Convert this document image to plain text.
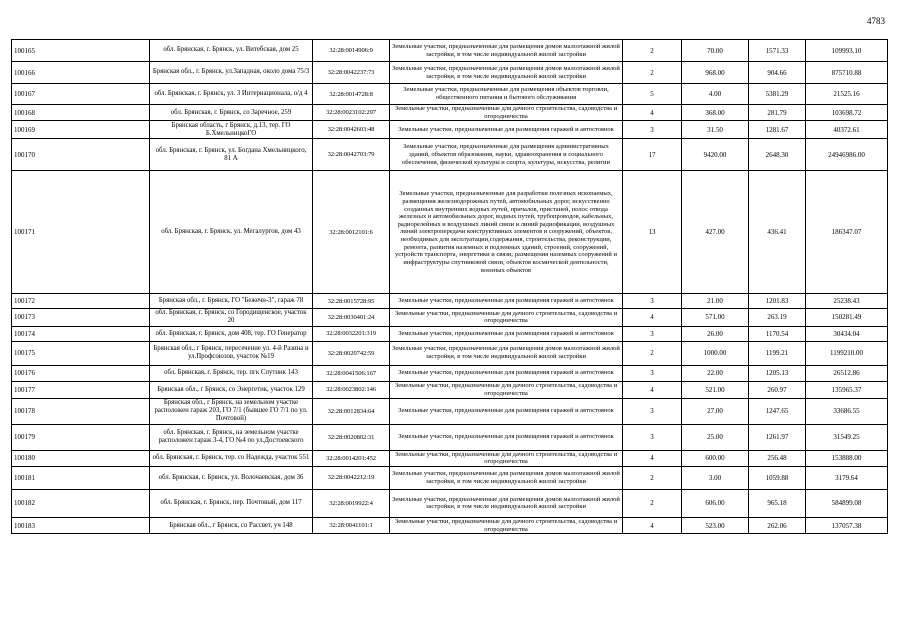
4783
100165	обл. Брянская, г. Брянск, ул. Витебская, дом 25	32:28:0014906:9	Земельные участки, предназначенные для размещения домов малоэтажной жилой застройки, в том числе индивидуальной жилой застройки	2	70.00	1571.33	109993.10
100166	Брянская обл., г. Брянск, ул.Западная, около дома 75/3	32:28:0042237:73	Земельные участки, предназначенные для размещения домов малоэтажной жилой застройки, в том числе индивидуальной жилой застройки	2	968.00	904.66	875710.88
100167	обл. Брянская, г. Брянск, ул. 3 Интернационала, о/д 4	32:28:0014728:8	Земельные участки, предназначенные для размещения объектов торговли, общественного питания и бытового обслуживания	5	4.00	5381.29	21525.16
100168	обл. Брянская, г. Брянск, со Заречное, 259	32:28:0023102:297	Земельные участки, предназначенные для дачного строительства, садоводства и огородничества	4	368.00	281.79	103698.72
100169	Брянская область, г Брянск, д.13, тер. ГО Б.ХмельницкоГО	32:28:0042603:48	Земельные участки, предназначенные для размещения гаражей и автостоянок	3	31.50	1281.67	40372.61
100170	обл. Брянская, г. Брянск, ул. Богдана Хмельницкого, 81 А	32:28:0042703:79	Земельные участки, предназначенные для размещения административных зданий, объектов образования, науки, здравоохранения и социального обеспечения, физической культуры и спорта, культуры, искусства, религии	17	9420.00	2648.30	24946986.00
100171	обл. Брянская, г. Брянск, ул. Мегалургов, дом 43	32:28:0012101:6	Земельные участки, предназначенные для разработки полезных ископаемых, размещения железнодорожных путей, автомобильных дорог, искусственно созданных внутренних водных путей, причалов, пристаней, полос отвода железных и автомобильных дорог, водных путей, трубопроводов, кабельных, радиорелейных и воздушных линий связи и линий радиофикации, воздушных линий электропередачи конструктивных элементов и сооружений, объектов, необходимых для эксплуатации,содержания, строительства, реконструкции, ремонта, развития наземных и подземных зданий, строений, сооружений, устройств транспорта, энергетики и связи; размещения наземных сооружений и инфраструктуры спутниковой связи, объектов космической деятельности, военных объектов	13	427.00	436.41	186347.07
100172	Брянская обл., г. Брянск, ГО "Бежечн-3", гараж 78	32:28:0015728:95	Земельные участки, предназначенные для размещения гаражей и автостоянок	3	21.00	1201.83	25238.43
100173	обл. Брянская, г. Брянск, со Городищенское, участок 20	32:28:0030401:24	Земельные участки, предназначенные для дачного строительства, садоводства и огородничества	4	571.00	263.19	150281.49
100174	обл. Брянская, г. Брянск, дом 408, тер. ГО Генератор	32:28:0032201:319	Земельные участки, предназначенные для размещения гаражей и автостоянок	3	26.00	1170.54	30434.04
100175	Брянская обл., г Брянск, пересечение ул. 4-й Разина и ул.Профсоюзов, участок №19	32:28:0020742:59	Земельные участки, предназначенные для размещения домов малоэтажной жилой застройки, в том числе индивидуальной жилой застройки	2	1000.00	1199.21	1199210.00
100176	обл. Брянская, г. Брянск, тер. пгк Спутник 143	32:28:0041506:167	Земельные участки, предназначенные для размещения гаражей и автостоянок	3	22.00	1205.13	26512.86
100177	Брянская обл., г Брянск, со Энергетик, участок 129	32:28:0023802:146	Земельные участки, предназначенные для дачного строительства, садоводства и огородничества	4	521.00	260.97	135965.37
100178	Брянская обл., г Брянск, на земельном участке расположен гараж 203, ГО 7/1 (бывшее ГО 7/1 по ул. Почтовой)	32:28:0012834:64	Земельные участки, предназначенные для размещения гаражей и автостоянок	3	27.00	1247.65	33686.55
100179	обл. Брянская, г. Брянск, на земельном участке расположен гараж 3-4, ГО №4 по ул.Достоевского	32:28:0020802:31	Земельные участки, предназначенные для размещения гаражей и автостоянок	3	25.00	1261.97	31549.25
100180	обл. Брянская, г. Брянск, тер. со Надежда, участок 551	32:28:0014201:452	Земельные участки, предназначенные для дачного строительства, садоводства и огородничества	4	600.00	256.48	153888.00
100181	обл. Брянская, г. Брянск, ул. Волочаевская, дом 36	32:28:0042212:19	Земельные участки, предназначенные для размещения домов малоэтажной жилой застройки, в том числе индивидуальной жилой застройки	2	3.00	1059.88	3179.64
100182	обл. Брянская, г. Брянск, пер. Почтовый, дом 117	32:28:0019922:4	Земельные участки, предназначенные для размещения домов малоэтажной жилой застройки, в том числе индивидуальной жилой застройки	2	606.00	965.18	584899.08
100183	Брянская обл., г Брянск, со Рассвет, уч 148	32:28:0041101:1	Земельные участки, предназначенные для дачного строительства, садоводства и огородничества	4	523.00	262.06	137057.38
